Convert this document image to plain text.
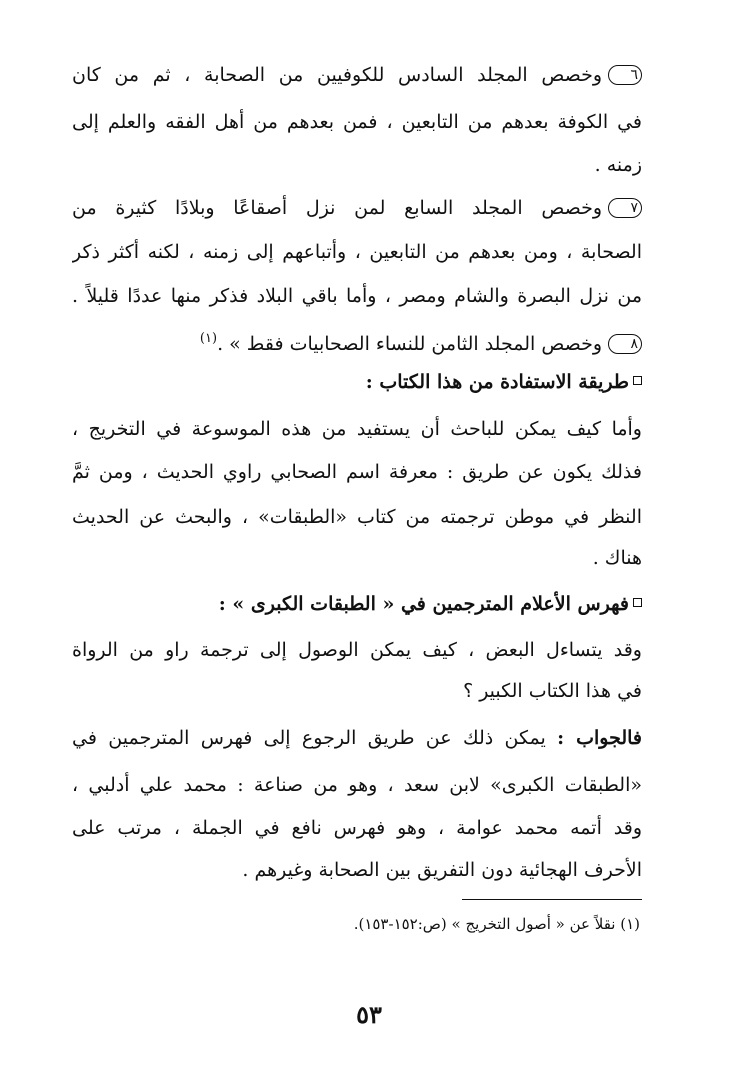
٦وخصص المجلد السادس للكوفيين من الصحابة ، ثم من كان
في الكوفة بعدهم من التابعين ، فمن بعدهم من أهل الفقه والعلم إلى
زمنه .
٧وخصص المجلد السابع لمن نزل أصقاعًا وبلادًا كثيرة من
الصحابة ، ومن بعدهم من التابعين ، وأتباعهم إلى زمنه ، لكنه أكثر ذكر
من نزل البصرة والشام ومصر ، وأما باقي البلاد فذكر منها عددًا قليلاً .
٨وخصص المجلد الثامن للنساء الصحابيات فقط » .$^{(١)}$
طريقة الاستفادة من هذا الكتاب :
وأما كيف يمكن للباحث أن يستفيد من هذه الموسوعة في التخريج ،
فذلك يكون عن طريق : معرفة اسم الصحابي راوي الحديث ، ومن ثمَّ
النظر في موطن ترجمته من كتاب «الطبقات» ، والبحث عن الحديث
هناك .
فهرس الأعلام المترجمين في « الطبقات الكبرى » :
وقد يتساءل البعض ، كيف يمكن الوصول إلى ترجمة راو من الرواة
في هذا الكتاب الكبير ؟
فالجواب : يمكن ذلك عن طريق الرجوع إلى فهرس المترجمين في
«الطبقات الكبرى» لابن سعد ، وهو من صناعة : محمد علي أدلبي ،
وقد أتمه محمد عوامة ، وهو فهرس نافع في الجملة ، مرتب على
الأحرف الهجائية دون التفريق بين الصحابة وغيرهم .
(١) نقلاً عن « أصول التخريج » (ص:١٥٢-١٥٣).
٥٣
